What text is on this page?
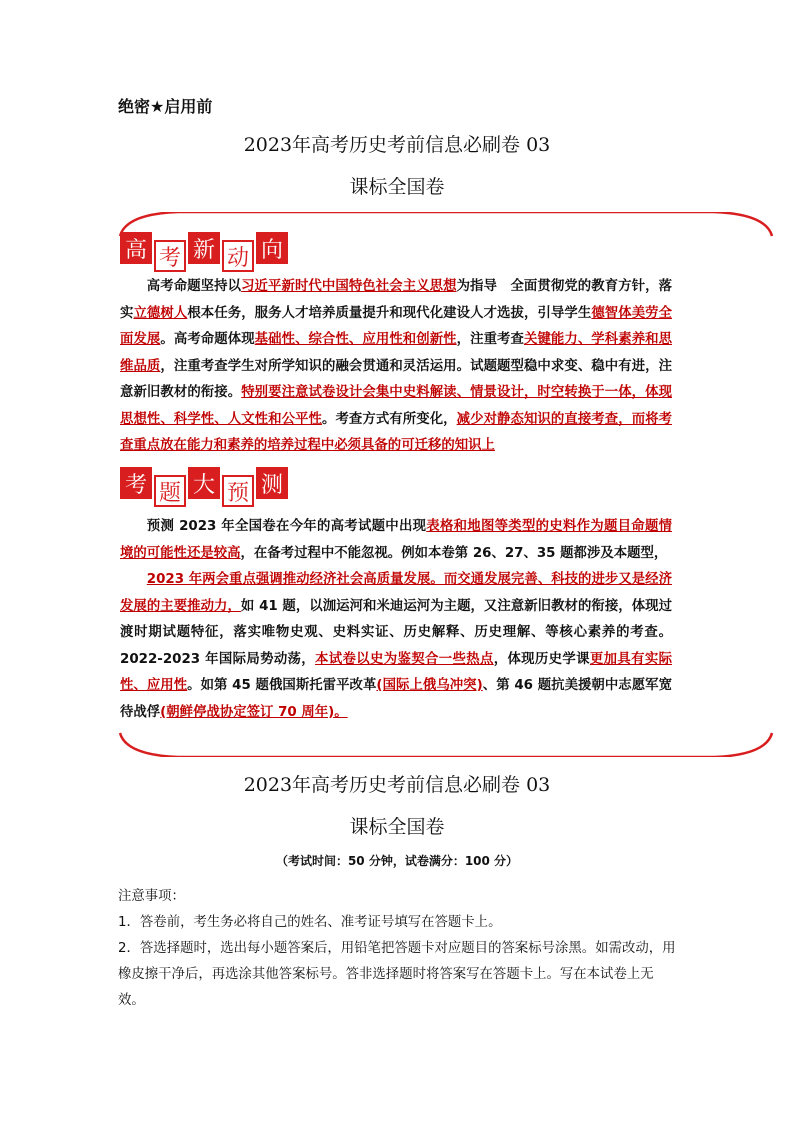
绝密★启用前
2023年高考历史考前信息必刷卷 03
课标全国卷
高 考 新 动 向
高考命题坚持以习近平新时代中国特色社会主义思想为指导　全面贯彻党的教育方针，落实立德树人根本任务，服务人才培养质量提升和现代化建设人才选拔，引导学生德智体美劳全面发展。高考命题体现基础性、综合性、应用性和创新性，注重考查关键能力、学科素养和思维品质，注重考查学生对所学知识的融会贯通和灵活运用。试题题型稳中求变、稳中有进，注意新旧教材的衔接。特别要注意试卷设计会集中史料解读、情景设计，时空转换于一体，体现思想性、科学性、人文性和公平性。考查方式有所变化，减少对静态知识的直接考查，而将考查重点放在能力和素养的培养过程中必须具备的可迁移的知识上
考 题 大 预 测
预测 2023 年全国卷在今年的高考试题中出现表格和地图等类型的史料作为题目命题情境的可能性还是较高，在备考过程中不能忽视。例如本卷第 26、27、35 题都涉及本题型，
2023 年两会重点强调推动经济社会高质量发展。而交通发展完善、科技的进步又是经济发展的主要推动力，如 41 题，以泇运河和米迪运河为主题，又注意新旧教材的衔接，体现过渡时期试题特征，落实唯物史观、史料实证、历史解释、历史理解、等核心素养的考查。2022-2023 年国际局势动荡，本试卷以史为鉴契合一些热点，体现历史学课更加具有实际性、应用性。如第 45 题俄国斯托雷平改革(国际上俄乌冲突)、第 46 题抗美援朝中志愿军宽待战俘(朝鲜停战协定签订 70 周年)。
2023年高考历史考前信息必刷卷 03
课标全国卷
（考试时间：50 分钟，试卷满分：100 分）
注意事项：
1．答卷前，考生务必将自己的姓名、准考证号填写在答题卡上。
2．答选择题时，选出每小题答案后，用铅笔把答题卡对应题目的答案标号涂黑。如需改动，用橡皮擦干净后，再选涂其他答案标号。答非选择题时将答案写在答题卡上。写在本试卷上无效。
